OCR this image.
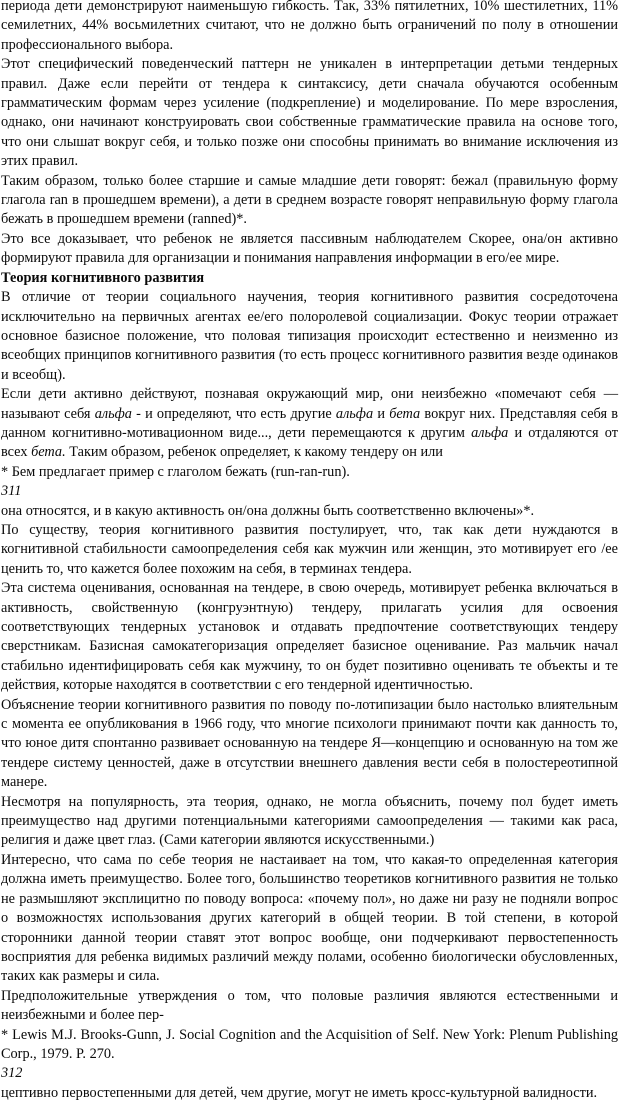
периода дети демонстрируют наименьшую гибкость. Так, 33% пятилетних, 10% шестилетних, 11% семилетних, 44% восьмилетних считают, что не должно быть ограничений по полу в отношении профессионального выбора.

Этот специфический поведенческий паттерн не уникален в интерпретации детьми тендерных правил. Даже если перейти от тендера к синтаксису, дети сначала обучаются особенным грамматическим формам через усиление (подкрепление) и моделирование. По мере взросления, однако, они начинают конструировать свои собственные грамматические правила на основе того, что они слышат вокруг себя, и только позже они способны принимать во внимание исключения из этих правил.

Таким образом, только более старшие и самые младшие дети говорят: бежал (правильную форму глагола ran в прошедшем времени), а дети в среднем возрасте говорят неправильную форму глагола бежать в прошедшем времени (ranned)*.

Это все доказывает, что ребенок не является пассивным наблюдателем Скорее, она/он активно формируют правила для организации и понимания направления информации в его/ее мире.

Теория когнитивного развития

В отличие от теории социального научения, теория когнитивного развития сосредоточена исключительно на первичных агентах ее/его полоролевой социализации. Фокус теории отражает основное базисное положение, что половая типизация происходит естественно и неизменно из всеобщих принципов когнитивного развития (то есть процесс когнитивного развития везде одинаков и всеобщ).

Если дети активно действуют, познавая окружающий мир, они неизбежно «помечают себя — называют себя альфа - и определяют, что есть другие альфа и бета вокруг них. Представляя себя в данном когнитивно-мотивационном виде..., дети перемещаются к другим альфа и отдаляются от всех бета. Таким образом, ребенок определяет, к какому тендеру он или

* Бем предлагает пример с глаголом бежать (run-ran-run).

311

она относятся, и в какую активность он/она должны быть соответственно включены»*.

По существу, теория когнитивного развития постулирует, что, так как дети нуждаются в когнитивной стабильности самоопределения себя как мужчин или женщин, это мотивирует его /ее ценить то, что кажется более похожим на себя, в терминах тендера.

Эта система оценивания, основанная на тендере, в свою очередь, мотивирует ребенка включаться в активность, свойственную (конгруэнтную) тендеру, прилагать усилия для освоения соответствующих тендерных установок и отдавать предпочтение соответствующих тендеру сверстникам. Базисная самокатегоризация определяет базисное оценивание. Раз мальчик начал стабильно идентифицировать себя как мужчину, то он будет позитивно оценивать те объекты и те действия, которые находятся в соответствии с его тендерной идентичностью.

Объяснение теории когнитивного развития по поводу по-лотипизации было настолько влиятельным с момента ее опубликования в 1966 году, что многие психологи принимают почти как данность то, что юное дитя спонтанно развивает основанную на тендере Я—концепцию и основанную на том же тендере систему ценностей, даже в отсутствии внешнего давления вести себя в полостереотипной манере.

Несмотря на популярность, эта теория, однако, не могла объяснить, почему пол будет иметь преимущество над другими потенциальными категориями самоопределения — такими как раса, религия и даже цвет глаз. (Сами категории являются искусственными.)

Интересно, что сама по себе теория не настаивает на том, что какая-то определенная категория должна иметь преимущество. Более того, большинство теоретиков когнитивного развития не только не размышляют эксплицитно по поводу вопроса: «почему пол», но даже ни разу не подняли вопрос о возможностях использования других категорий в общей теории. В той степени, в которой сторонники данной теории ставят этот вопрос вообще, они подчеркивают первостепенность восприятия для ребенка видимых различий между полами, особенно биологически обусловленных, таких как размеры и сила.

Предположительные утверждения о том, что половые различия являются естественными и неизбежными и более пер-

* Lewis M.J. Brooks-Gunn, J. Social Cognition and the Acquisition of Self. New York: Plenum Publishing Corp., 1979. P. 270.

312

цептивно первостепенными для детей, чем другие, могут не иметь кросс-культурной валидности.
